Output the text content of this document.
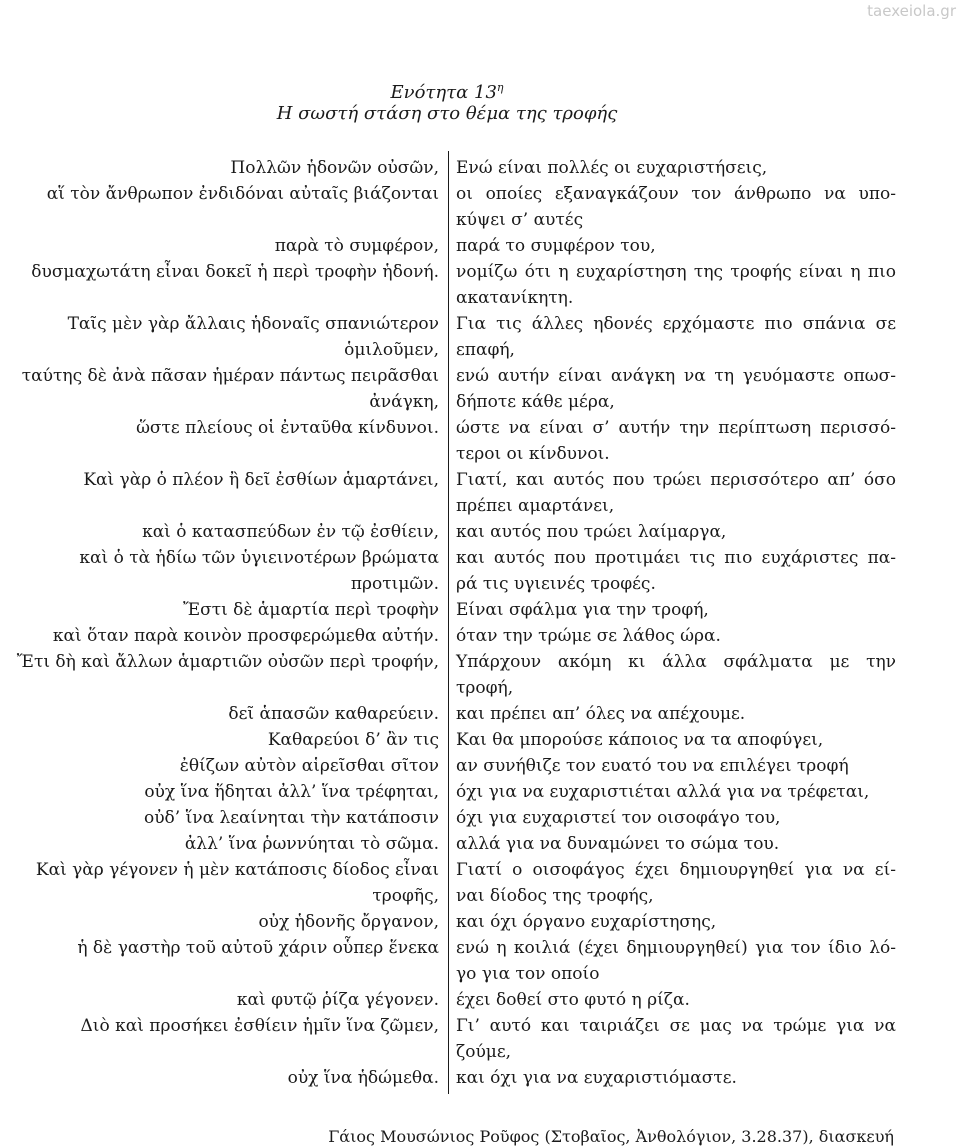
taexeiola.gr
Ενότητα $13^\eta$
Η σωστή στάση στο θέμα της τροφής
Πολλῶν ἡδονῶν οὐσῶν,
αἵ τὸν ἄνθρωπον ἐνδιδόναι αὐταῖς βιάζονται
παρὰ τὸ συμφέρον,
δυσμαχωτάτη εἶναι δοκεῖ ἡ περὶ τροφὴν ἡδονή.
Ταῖς μὲν γὰρ ἄλλαις ἡδοναῖς σπανιώτερον
ὁμιλοῦμεν,
ταύτης δὲ ἀνὰ πᾶσαν ἡμέραν πάντως πειρᾶσθαι
ἀνάγκη,
ὥστε πλείους οἱ ἐνταῦθα κίνδυνοι.
Καὶ γὰρ ὁ πλέον ἢ δεῖ ἐσθίων ἁμαρτάνει,
καὶ ὁ κατασπεύδων ἐν τῷ ἐσθίειν,
καὶ ὁ τὰ ἡδίω τῶν ὑγιεινοτέρων βρώματα
προτιμῶν.
Ἔστι δὲ ἁμαρτία περὶ τροφὴν
καὶ ὅταν παρὰ κοινὸν προσφερώμεθα αὐτήν.
Ἔτι δὴ καὶ ἄλλων ἁμαρτιῶν οὐσῶν περὶ τροφήν,
δεῖ ἁπασῶν καθαρεύειν.
Καθαρεύοι δ’ ἂν τις
ἐθίζων αὐτὸν αἱρεῖσθαι σῖτον
οὐχ ἵνα ἥδηται ἀλλ’ ἵνα τρέφηται,
οὐδ’ ἵνα λεαίνηται τὴν κατάποσιν
ἀλλ’ ἵνα ῥωννύηται τὸ σῶμα.
Καὶ γὰρ γέγονεν ἡ μὲν κατάποσις δίοδος εἶναι
τροφῆς,
οὐχ ἡδονῆς ὄργανον,
ἡ δὲ γαστὴρ τοῦ αὐτοῦ χάριν οὗπερ ἕνεκα
καὶ φυτῷ ῥίζα γέγονεν.
Διὸ καὶ προσήκει ἐσθίειν ἡμῖν ἵνα ζῶμεν,
οὐχ ἵνα ἡδώμεθα.
Ενώ είναι πολλές οι ευχαριστήσεις,
οι οποίες εξαναγκάζουν τον άνθρωπο να υπο-
κύψει σ’ αυτές
παρά το συμφέρον του,
νομίζω ότι η ευχαρίστηση της τροφής είναι η πιο
ακατανίκητη.
Για τις άλλες ηδονές ερχόμαστε πιο σπάνια σε
επαφή,
ενώ αυτήν είναι ανάγκη να τη γευόμαστε οπωσ-
δήποτε κάθε μέρα,
ώστε να είναι σ’ αυτήν την περίπτωση περισσό-
τεροι οι κίνδυνοι.
Γιατί, και αυτός που τρώει περισσότερο απ’ όσο
πρέπει αμαρτάνει,
και αυτός που τρώει λαίμαργα,
και αυτός που προτιμάει τις πιο ευχάριστες πα-
ρά τις υγιεινές τροφές.
Είναι σφάλμα για την τροφή,
όταν την τρώμε σε λάθος ώρα.
Υπάρχουν ακόμη κι άλλα σφάλματα με την
τροφή,
και πρέπει απ’ όλες να απέχουμε.
Και θα μπορούσε κάποιος να τα αποφύγει,
αν συνήθιζε τον ευατό του να επιλέγει τροφή
όχι για να ευχαριστιέται αλλά για να τρέφεται,
όχι για ευχαριστεί τον οισοφάγο του,
αλλά για να δυναμώνει το σώμα του.
Γιατί ο οισοφάγος έχει δημιουργηθεί για να εί-
ναι δίοδος της τροφής,
και όχι όργανο ευχαρίστησης,
ενώ η κοιλιά (έχει δημιουργηθεί) για τον ίδιο λό-
γο για τον οποίο
έχει δοθεί στο φυτό η ρίζα.
Γι’ αυτό και ταιριάζει σε μας να τρώμε για να
ζούμε,
και όχι για να ευχαριστιόμαστε.
Γάιος Μουσώνιος Ροῦφος (Στοβαῖος, Ἀνθολόγιον, 3.28.37), διασκευή
